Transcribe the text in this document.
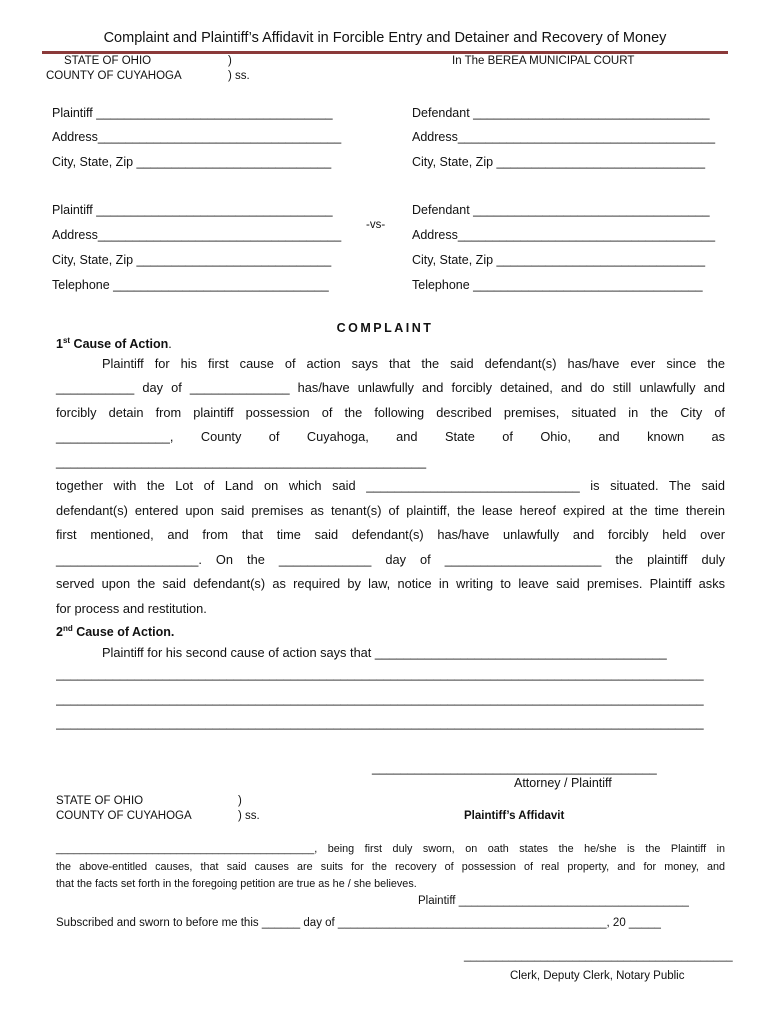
Complaint and Plaintiff’s Affidavit in Forcible Entry and Detainer and Recovery of Money
STATE OF OHIO	)
COUNTY OF CUYAHOGA	) ss.
In The BEREA MUNICIPAL COURT
Plaintiff __________________________________
Address___________________________________
City, State, Zip ____________________________
Defendant __________________________________
Address_____________________________________
City, State, Zip ______________________________
Plaintiff __________________________________
Address___________________________________
City, State, Zip ____________________________
Telephone _______________________________
-vs-
Defendant __________________________________
Address_____________________________________
City, State, Zip ______________________________
Telephone _________________________________
COMPLAINT
1st Cause of Action.
Plaintiff for his first cause of action says that the said defendant(s) has/have ever since the
___________ day of ______________ has/have unlawfully and forcibly detained, and do still unlawfully and
forcibly detain from plaintiff possession of the following described premises, situated in the City of
________________, County of Cuyahoga, and State of Ohio, and known as
____________________________________________________
together with the Lot of Land on which said ______________________________ is situated. The said
defendant(s) entered upon said premises as tenant(s) of plaintiff, the lease hereof expired at the time therein
first mentioned, and from that time said defendant(s) has/have unlawfully and forcibly held over
____________________. On the _____________ day of ______________________ the plaintiff duly
served upon the said defendant(s) as required by law, notice in writing to leave said premises. Plaintiff asks
for process and restitution.
2nd Cause of Action.
Plaintiff for his second cause of action says that _________________________________________
___________________________________________________________________________________________
___________________________________________________________________________________________
___________________________________________________________________________________________
________________________________________
Attorney / Plaintiff
STATE OF OHIO	)
COUNTY OF CUYAHOGA	) ss.	Plaintiff’s Affidavit
___________________________________________, being first duly sworn, on oath states the he/she is the Plaintiff in
the above-entitled causes, that said causes are suits for the recovery of possession of real property, and for money, and
that the facts set forth in the foregoing petition are true as he / she believes.
Plaintiff ____________________________________
Subscribed and sworn to before me this ______ day of __________________________________________, 20 _____
__________________________________________
Clerk, Deputy Clerk, Notary Public
